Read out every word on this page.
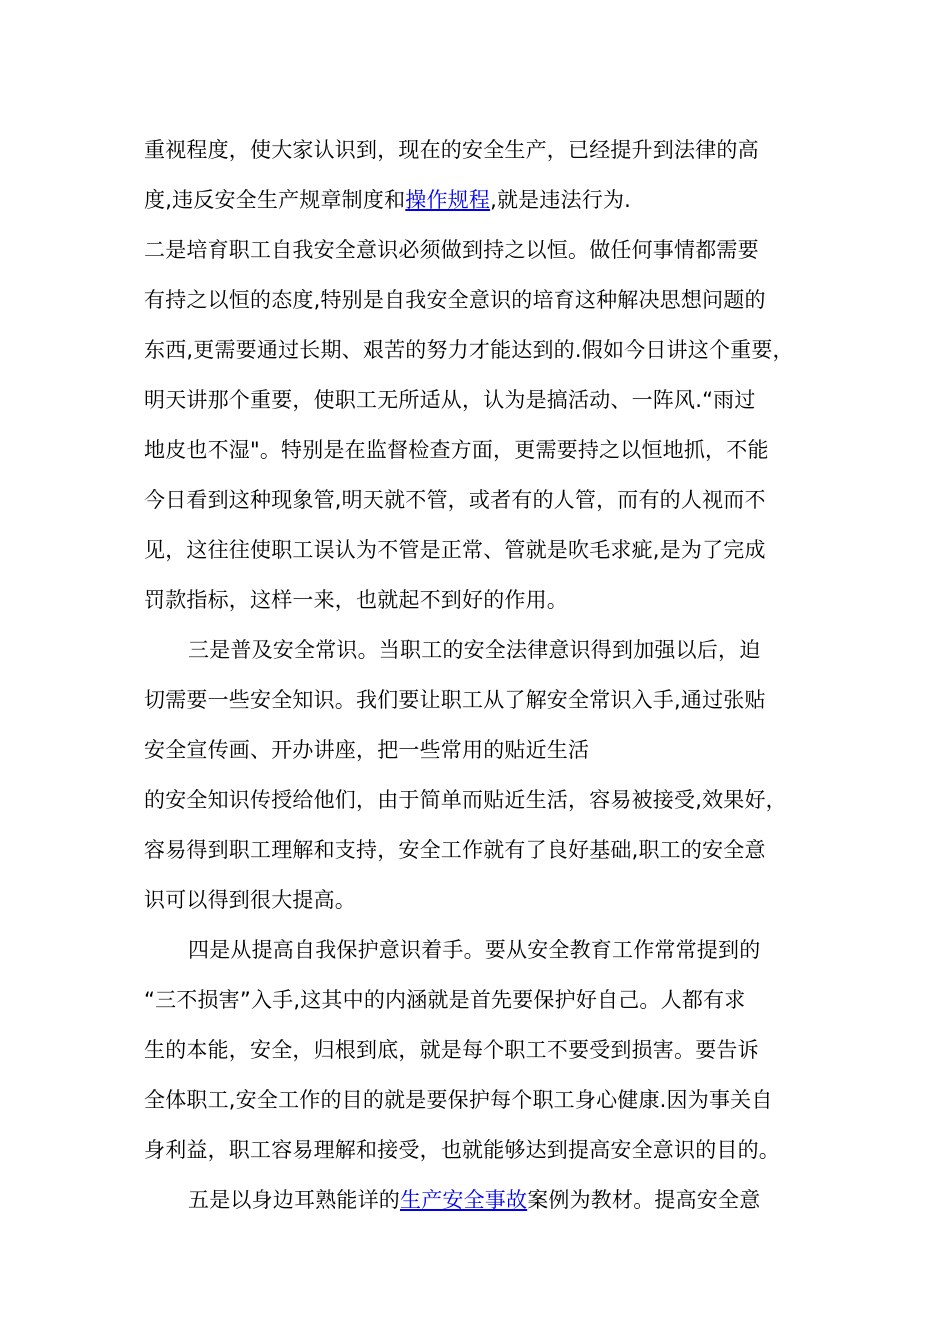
重视程度，使大家认识到，现在的安全生产，已经提升到法律的高
度,违反安全生产规章制度和操作规程,就是违法行为.
二是培育职工自我安全意识必须做到持之以恒。做任何事情都需要
有持之以恒的态度,特别是自我安全意识的培育这种解决思想问题的
东西,更需要通过长期、艰苦的努力才能达到的.假如今日讲这个重要，
明天讲那个重要，使职工无所适从，认为是搞活动、一阵风.“雨过
地皮也不湿"。特别是在监督检查方面，更需要持之以恒地抓，不能
今日看到这种现象管,明天就不管，或者有的人管，而有的人视而不
见，这往往使职工误认为不管是正常、管就是吹毛求疵,是为了完成
罚款指标，这样一来，也就起不到好的作用。
三是普及安全常识。当职工的安全法律意识得到加强以后，迫
切需要一些安全知识。我们要让职工从了解安全常识入手,通过张贴
安全宣传画、开办讲座，把一些常用的贴近生活
的安全知识传授给他们，由于简单而贴近生活，容易被接受,效果好，
容易得到职工理解和支持，安全工作就有了良好基础,职工的安全意
识可以得到很大提高。
四是从提高自我保护意识着手。要从安全教育工作常常提到的
“三不损害”入手,这其中的内涵就是首先要保护好自己。人都有求
生的本能，安全，归根到底，就是每个职工不要受到损害。要告诉
全体职工,安全工作的目的就是要保护每个职工身心健康.因为事关自
身利益，职工容易理解和接受，也就能够达到提高安全意识的目的。
五是以身边耳熟能详的生产安全事故案例为教材。提高安全意
